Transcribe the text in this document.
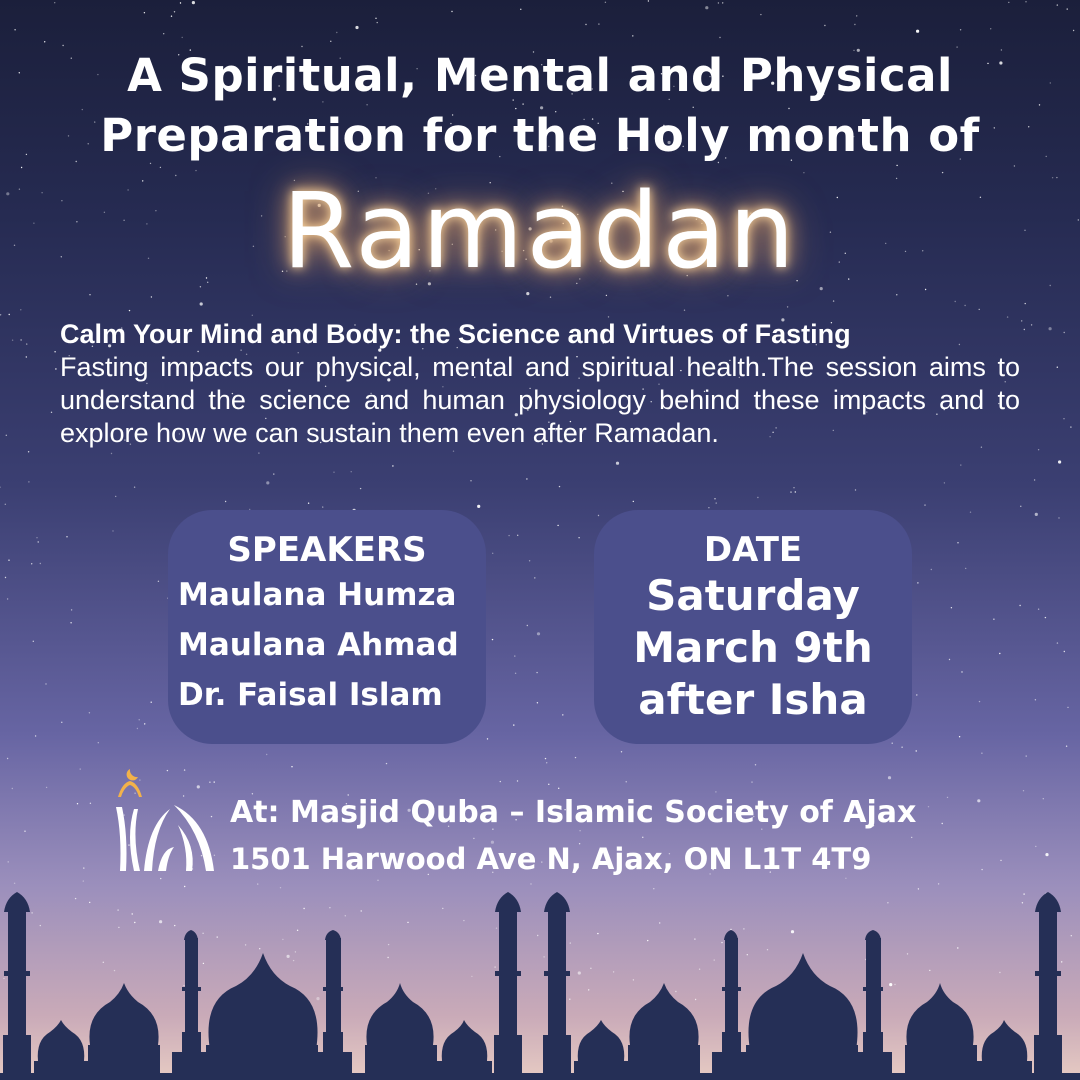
A Spiritual, Mental and Physical
Preparation for the Holy month of
Ramadan
Calm Your Mind and Body: the Science and Virtues of Fasting
Fasting impacts our physical, mental and spiritual health.The session aims to understand the science and human physiology behind these impacts and to explore how we can sustain them even after Ramadan.
SPEAKERS
Maulana Humza
Maulana Ahmad
Dr. Faisal Islam
DATE
Saturday
March 9th
after Isha
At: Masjid Quba – Islamic Society of Ajax
1501 Harwood Ave N, Ajax, ON L1T 4T9
